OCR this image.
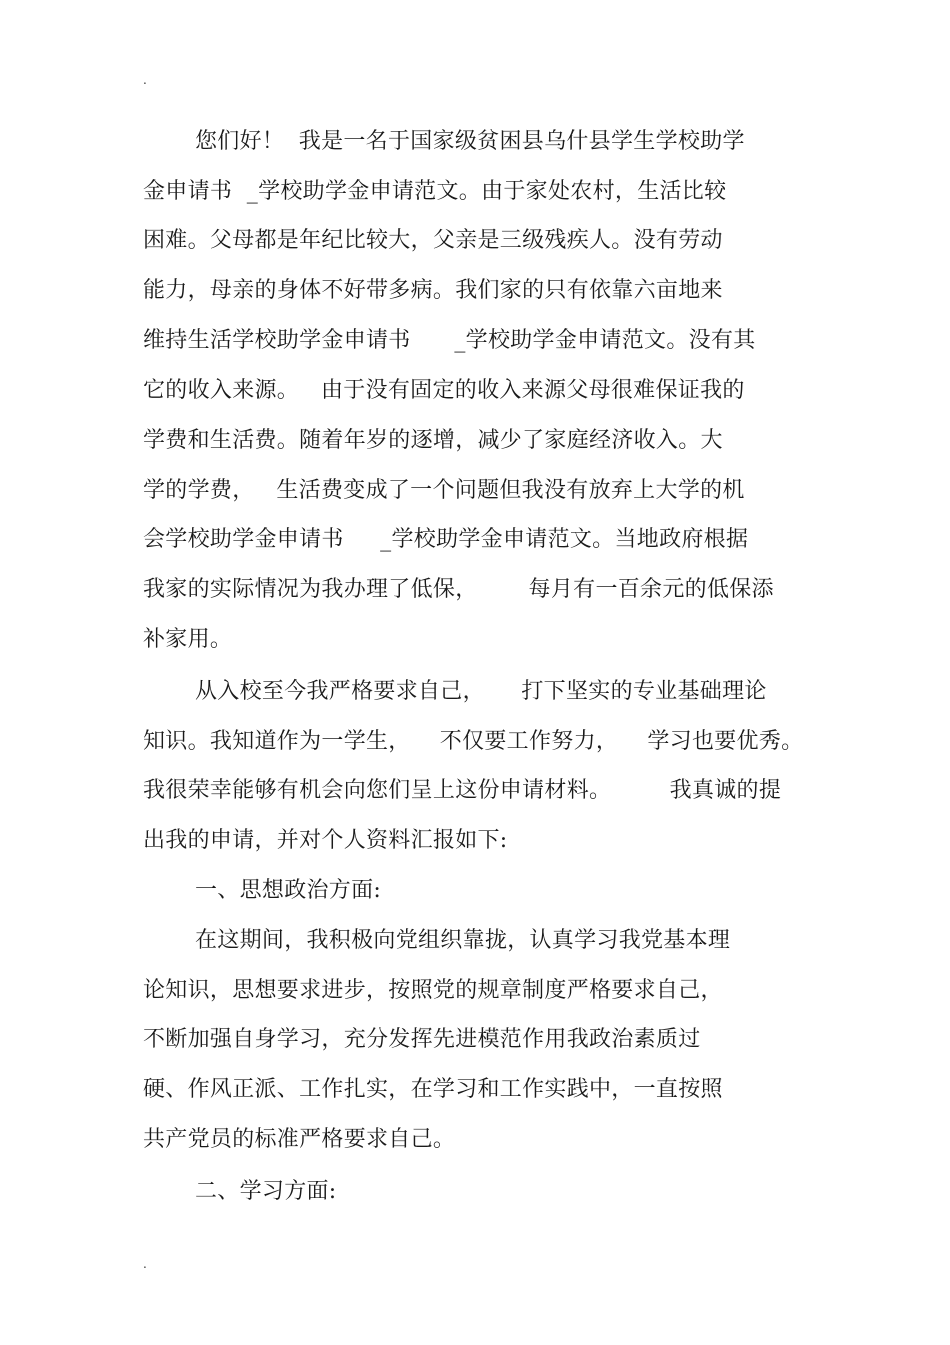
.
您们好！  我是一名于国家级贫困县乌什县学生学校助学
金申请书  _学校助学金申请范文。由于家处农村，生活比较
困难。父母都是年纪比较大，父亲是三级残疾人。没有劳动
能力，母亲的身体不好带多病。我们家的只有依靠六亩地来
维持生活学校助学金申请书      _学校助学金申请范文。没有其
它的收入来源。   由于没有固定的收入来源父母很难保证我的
学费和生活费。随着年岁的逐增，减少了家庭经济收入。大
学的学费，   生活费变成了一个问题但我没有放弃上大学的机
会学校助学金申请书     _学校助学金申请范文。当地政府根据
我家的实际情况为我办理了低保，       每月有一百余元的低保添
补家用。
从入校至今我严格要求自己，     打下坚实的专业基础理论
知识。我知道作为一学生，    不仅要工作努力，    学习也要优秀。
我很荣幸能够有机会向您们呈上这份申请材料。        我真诚的提
出我的申请，并对个人资料汇报如下:
一、思想政治方面:
在这期间，我积极向党组织靠拢，认真学习我党基本理
论知识，思想要求进步，按照党的规章制度严格要求自己，
不断加强自身学习，充分发挥先进模范作用我政治素质过
硬、作风正派、工作扎实，在学习和工作实践中，一直按照
共产党员的标准严格要求自己。
二、学习方面:
.
